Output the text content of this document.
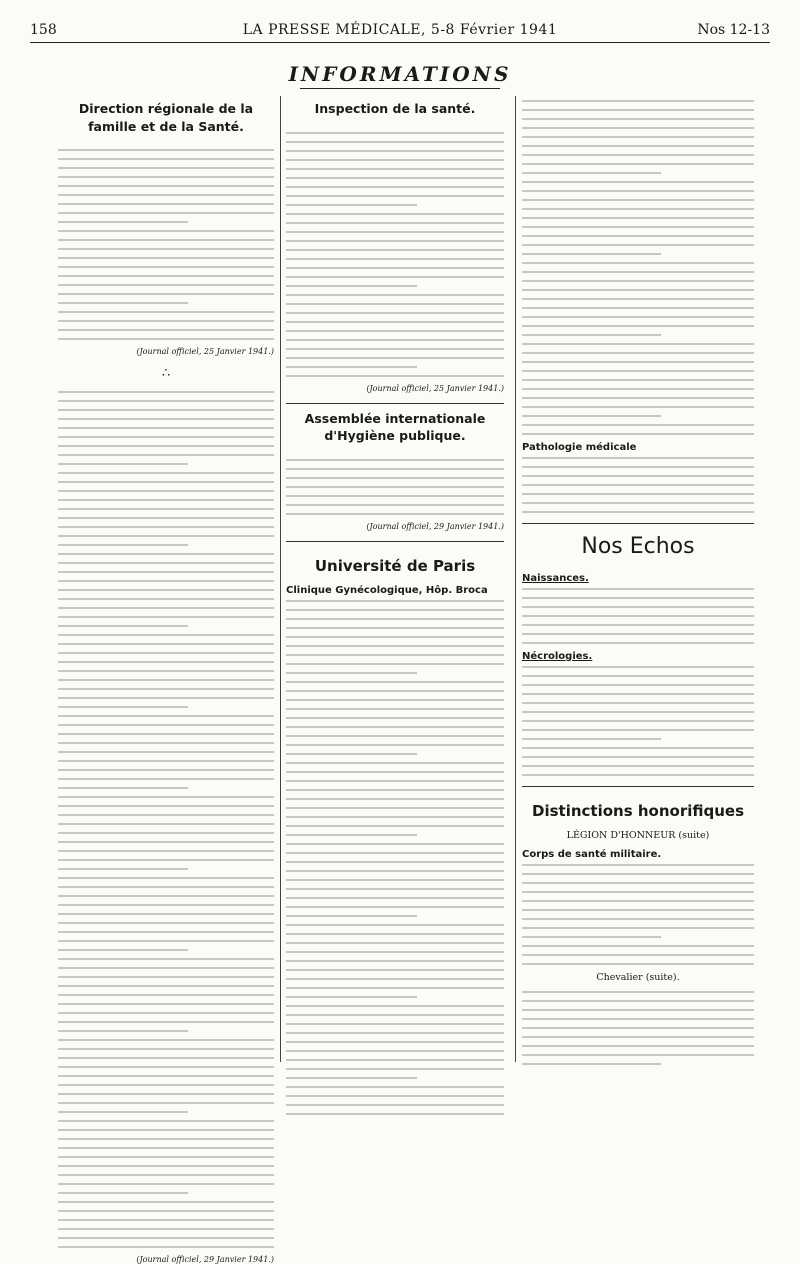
158	LA PRESSE MÉDICALE, 5-8 Février 1941	Nos 12-13
INFORMATIONS
Direction régionale de la famille et de la Santé.
(Journal officiel, 25 Janvier 1941.)
∴
(Journal officiel, 29 Janvier 1941.)
Inspection de la santé.
(Journal officiel, 25 Janvier 1941.)
Assemblée internationale d'Hygiène publique.
(Journal officiel, 29 Janvier 1941.)
Université de Paris
Clinique Gynécologique, Hôp. Broca
Pathologie médicale
Nos Echos
Naissances.
Nécrologies.
Distinctions honorifiques
LÉGION D'HONNEUR (suite)
Corps de santé militaire.
Chevalier (suite).
